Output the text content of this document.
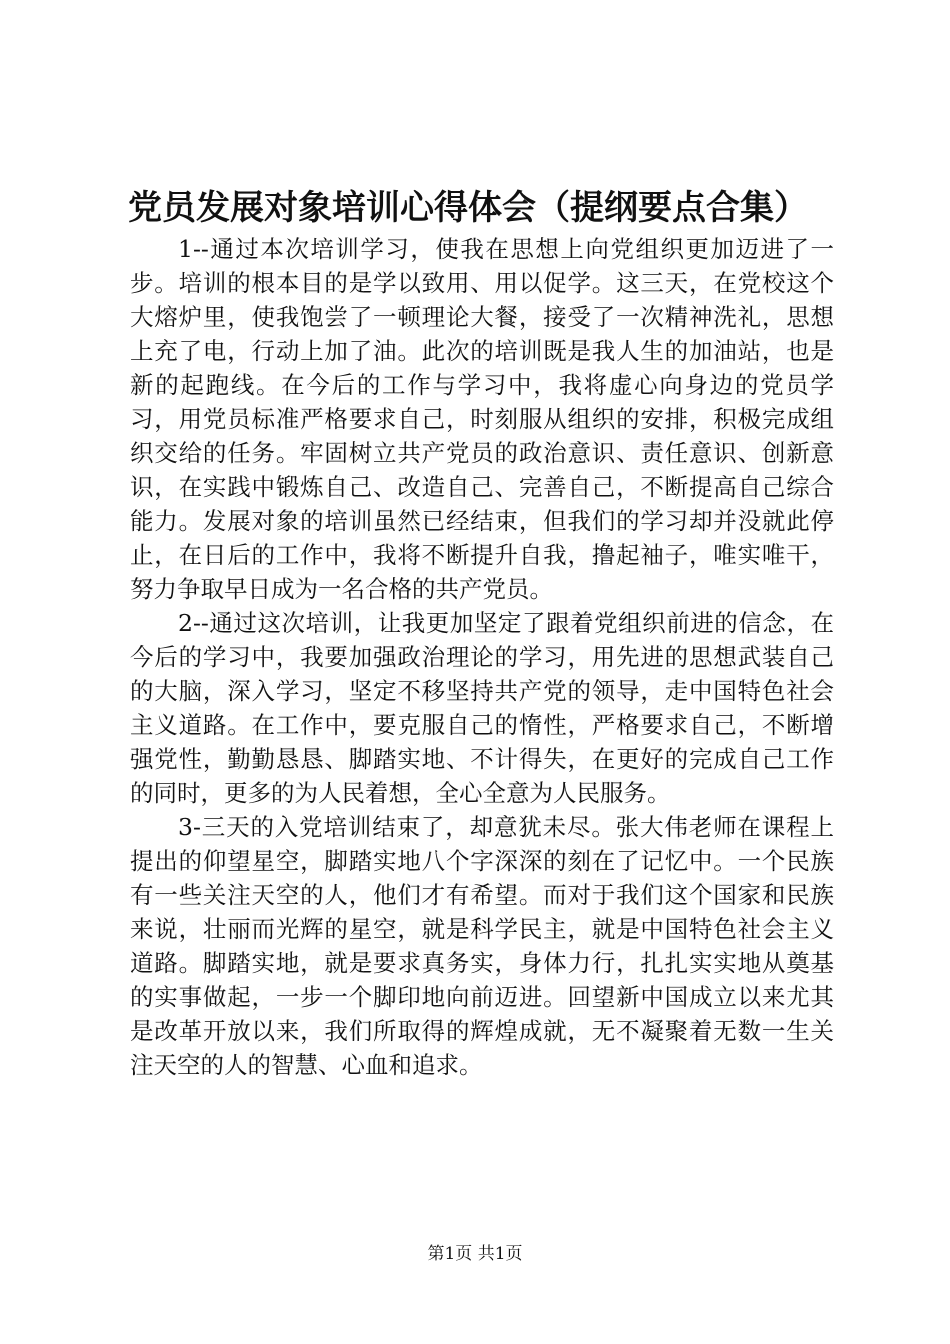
党员发展对象培训心得体会（提纲要点合集）

1--通过本次培训学习，使我在思想上向党组织更加迈进了一步。培训的根本目的是学以致用、用以促学。这三天，在党校这个大熔炉里，使我饱尝了一顿理论大餐，接受了一次精神洗礼，思想上充了电，行动上加了油。此次的培训既是我人生的加油站，也是新的起跑线。在今后的工作与学习中，我将虚心向身边的党员学习，用党员标准严格要求自己，时刻服从组织的安排，积极完成组织交给的任务。牢固树立共产党员的政治意识、责任意识、创新意识，在实践中锻炼自己、改造自己、完善自己，不断提高自己综合能力。发展对象的培训虽然已经结束，但我们的学习却并没就此停止，在日后的工作中，我将不断提升自我，撸起袖子，唯实唯干，努力争取早日成为一名合格的共产党员。

2--通过这次培训，让我更加坚定了跟着党组织前进的信念，在今后的学习中，我要加强政治理论的学习，用先进的思想武装自己的大脑，深入学习，坚定不移坚持共产党的领导，走中国特色社会主义道路。在工作中，要克服自己的惰性，严格要求自己，不断增强党性，勤勤恳恳、脚踏实地、不计得失，在更好的完成自己工作的同时，更多的为人民着想，全心全意为人民服务。

3-三天的入党培训结束了，却意犹未尽。张大伟老师在课程上提出的仰望星空，脚踏实地八个字深深的刻在了记忆中。一个民族有一些关注天空的人，他们才有希望。而对于我们这个国家和民族来说，壮丽而光辉的星空，就是科学民主，就是中国特色社会主义道路。脚踏实地，就是要求真务实，身体力行，扎扎实实地从奠基的实事做起，一步一个脚印地向前迈进。回望新中国成立以来尤其是改革开放以来，我们所取得的辉煌成就，无不凝聚着无数一生关注天空的人的智慧、心血和追求。

第1页 共1页
